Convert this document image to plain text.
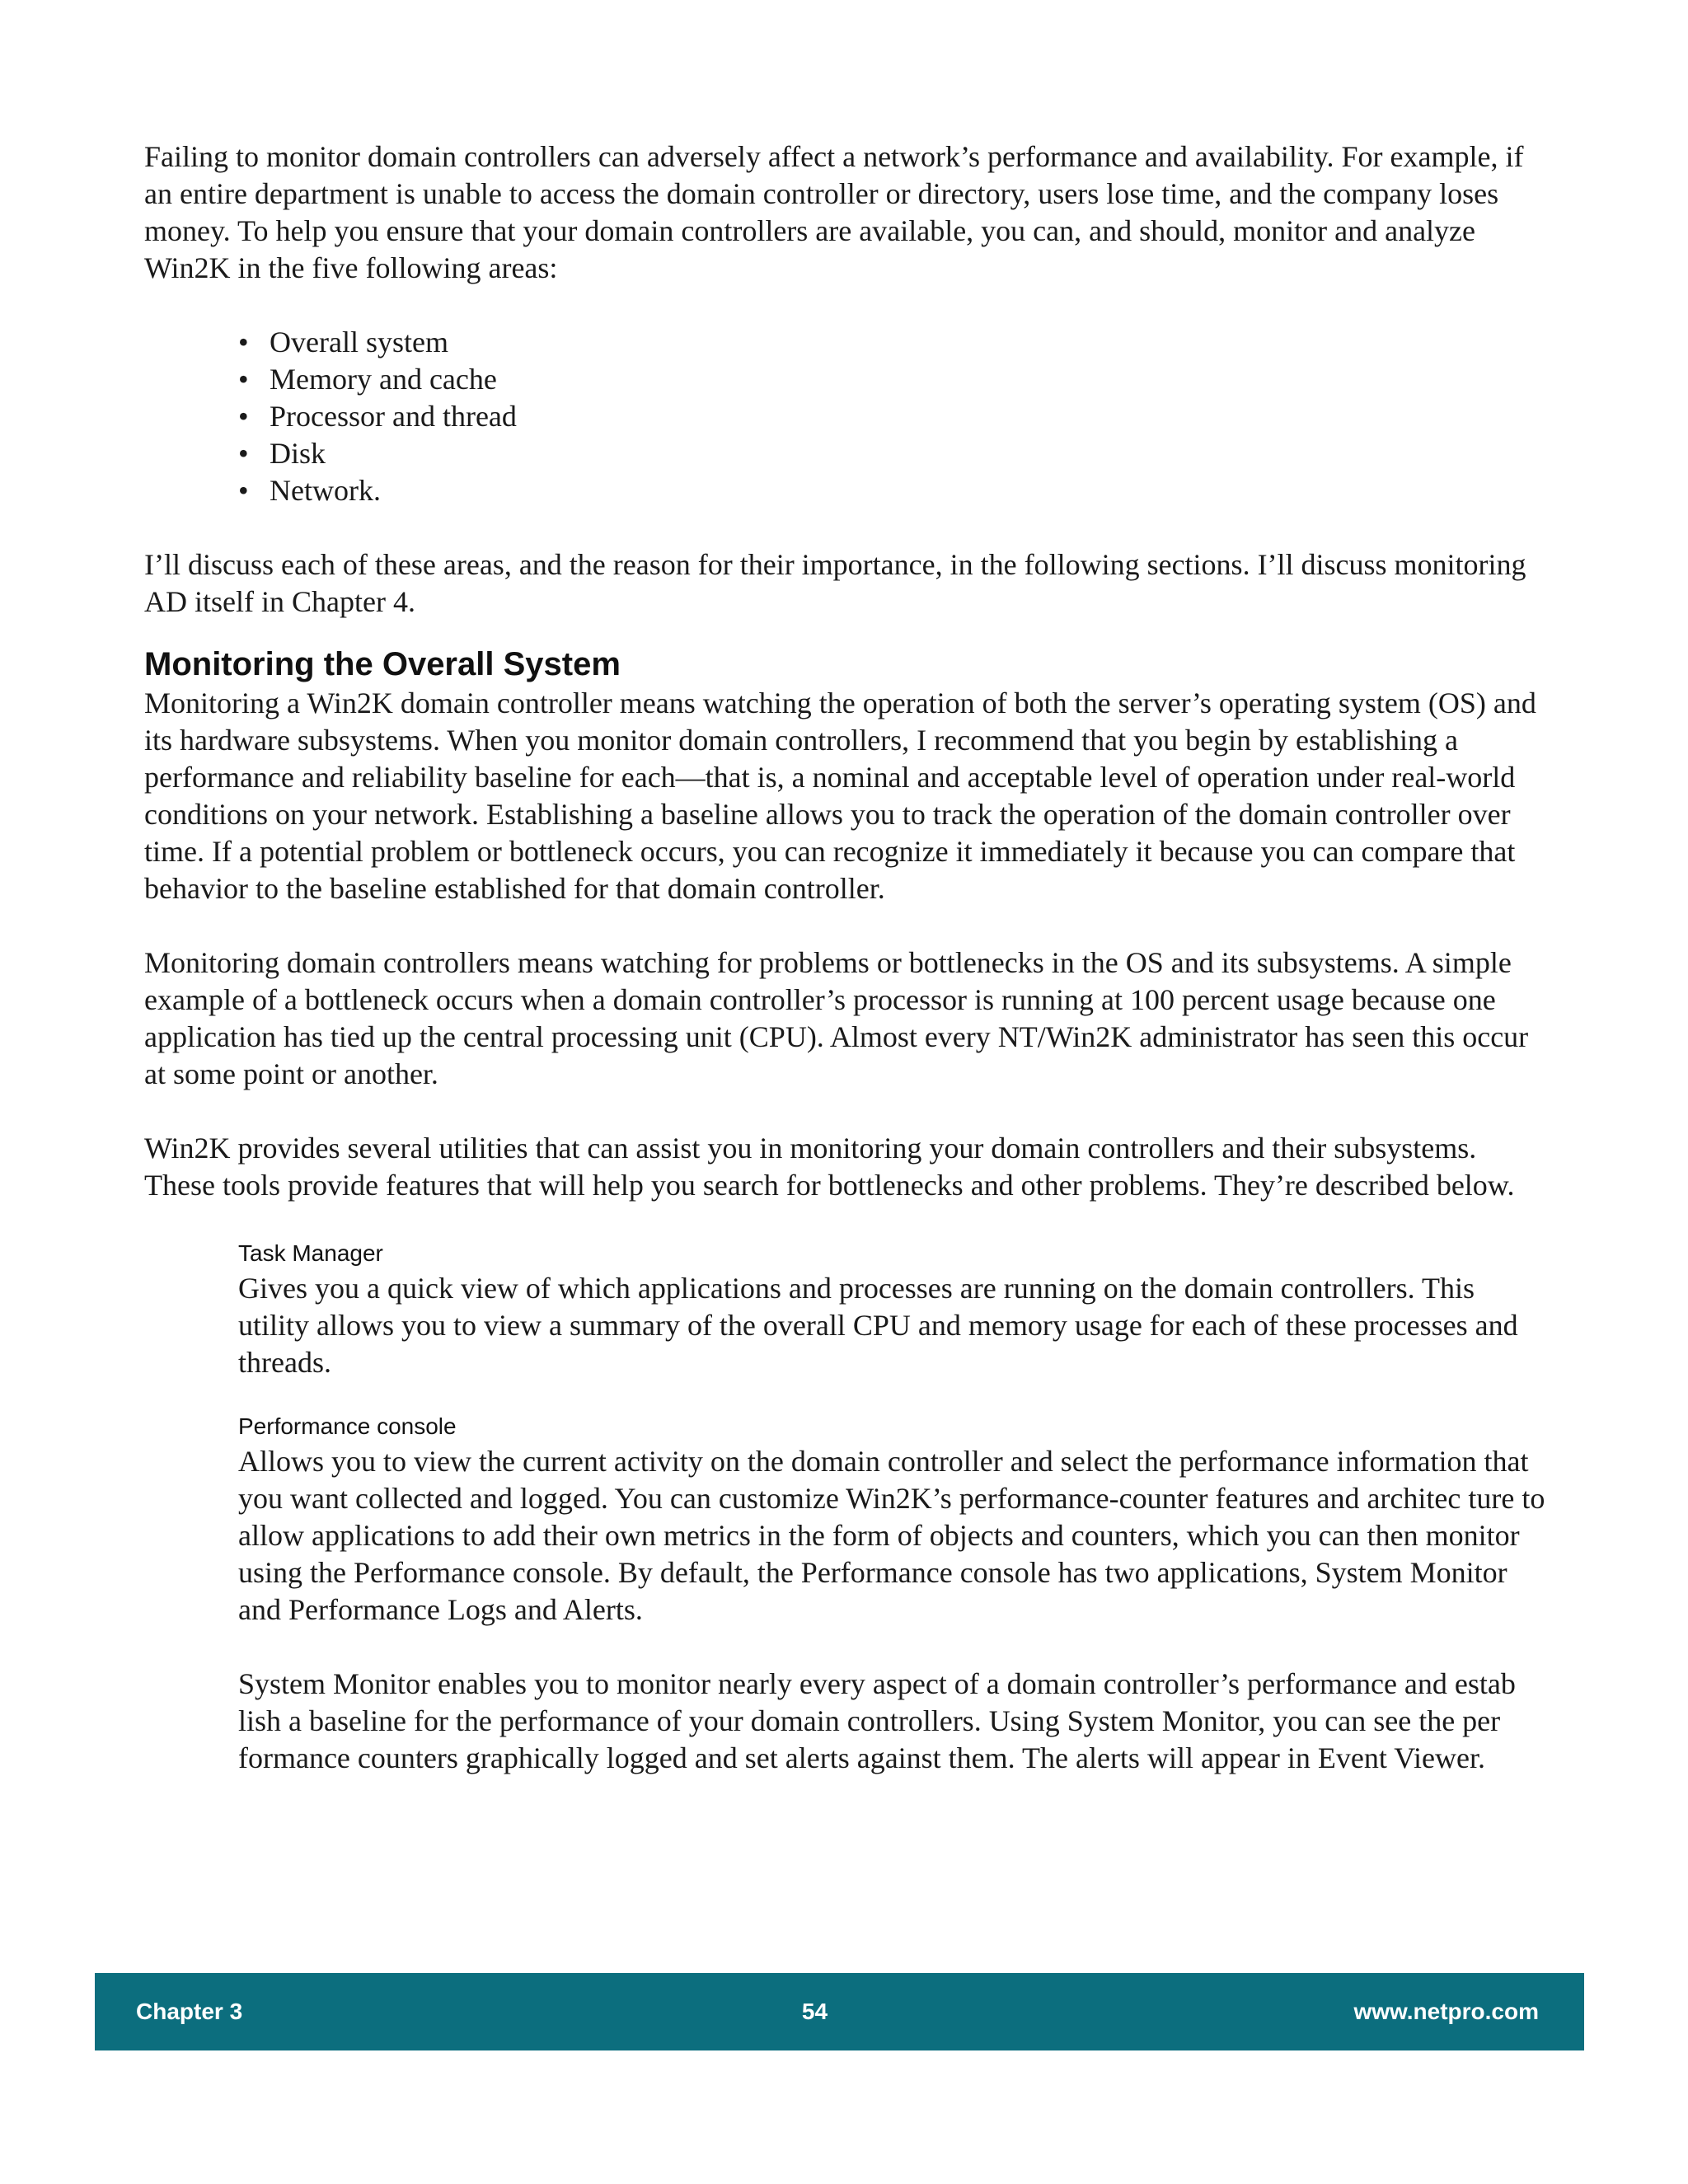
Failing to monitor domain controllers can adversely affect a network’s performance and availability. For example, if an entire department is unable to access the domain controller or directory, users lose time, and the company loses money. To help you ensure that your domain controllers are available, you can, and should, monitor and analyze Win2K in the five following areas:

• Overall system
• Memory and cache
• Processor and thread
• Disk
• Network.

I’ll discuss each of these areas, and the reason for their importance, in the following sections. I’ll discuss monitoring AD itself in Chapter 4.

Monitoring the Overall System

Monitoring a Win2K domain controller means watching the operation of both the server’s operating system (OS) and its hardware subsystems. When you monitor domain controllers, I recommend that you begin by establishing a performance and reliability baseline for each—that is, a nominal and acceptable level of operation under real-world conditions on your network. Establishing a baseline allows you to track the operation of the domain controller over time. If a potential problem or bottleneck occurs, you can recognize it immediately it because you can compare that behavior to the baseline established for that domain controller.

Monitoring domain controllers means watching for problems or bottlenecks in the OS and its subsystems. A simple example of a bottleneck occurs when a domain controller’s processor is running at 100 percent usage because one application has tied up the central processing unit (CPU). Almost every NT/Win2K administrator has seen this occur at some point or another.

Win2K provides several utilities that can assist you in monitoring your domain controllers and their subsystems. These tools provide features that will help you search for bottlenecks and other problems. They’re described below.

Task Manager

Gives you a quick view of which applications and processes are running on the domain controllers. This utility allows you to view a summary of the overall CPU and memory usage for each of these processes and threads.

Performance console

Allows you to view the current activity on the domain controller and select the performance information that you want collected and logged. You can customize Win2K’s performance-counter features and architec ture to allow applications to add their own metrics in the form of objects and counters, which you can then monitor using the Performance console. By default, the Performance console has two applications, System Monitor and Performance Logs and Alerts.

System Monitor enables you to monitor nearly every aspect of a domain controller’s performance and estab lish a baseline for the performance of your domain controllers. Using System Monitor, you can see the per formance counters graphically logged and set alerts against them. The alerts will appear in Event Viewer.

Chapter 3	54	www.netpro.com
